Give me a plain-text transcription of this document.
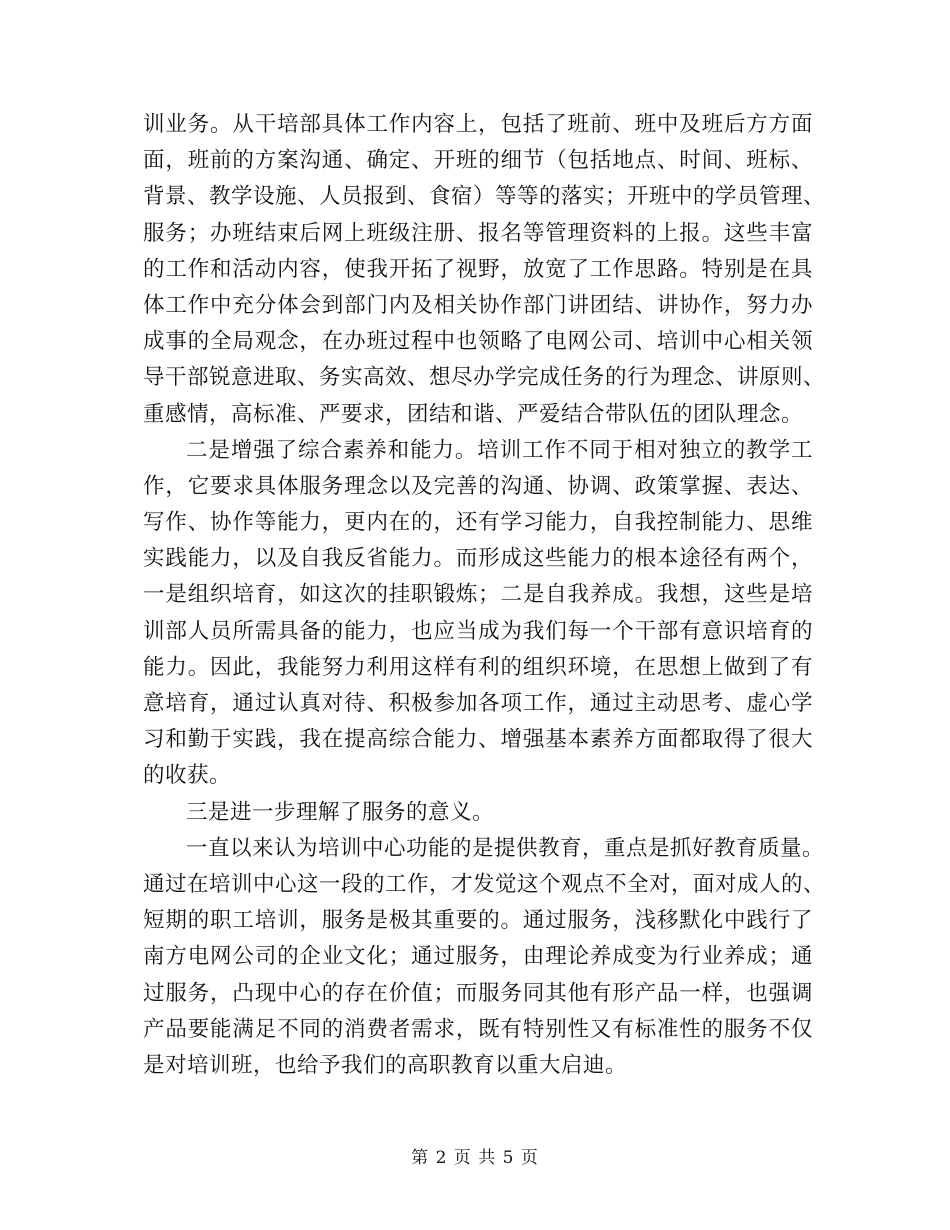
训业务。从干培部具体工作内容上，包括了班前、班中及班后方方面
面，班前的方案沟通、确定、开班的细节（包括地点、时间、班标、
背景、教学设施、人员报到、食宿）等等的落实；开班中的学员管理、
服务；办班结束后网上班级注册、报名等管理资料的上报。这些丰富
的工作和活动内容，使我开拓了视野，放宽了工作思路。特别是在具
体工作中充分体会到部门内及相关协作部门讲团结、讲协作，努力办
成事的全局观念，在办班过程中也领略了电网公司、培训中心相关领
导干部锐意进取、务实高效、想尽办学完成任务的行为理念、讲原则、
重感情，高标准、严要求，团结和谐、严爱结合带队伍的团队理念。
二是增强了综合素养和能力。培训工作不同于相对独立的教学工
作，它要求具体服务理念以及完善的沟通、协调、政策掌握、表达、
写作、协作等能力，更内在的，还有学习能力，自我控制能力、思维
实践能力，以及自我反省能力。而形成这些能力的根本途径有两个，
一是组织培育，如这次的挂职锻炼；二是自我养成。我想，这些是培
训部人员所需具备的能力，也应当成为我们每一个干部有意识培育的
能力。因此，我能努力利用这样有利的组织环境，在思想上做到了有
意培育，通过认真对待、积极参加各项工作，通过主动思考、虚心学
习和勤于实践，我在提高综合能力、增强基本素养方面都取得了很大
的收获。
三是进一步理解了服务的意义。
一直以来认为培训中心功能的是提供教育，重点是抓好教育质量。
通过在培训中心这一段的工作，才发觉这个观点不全对，面对成人的、
短期的职工培训，服务是极其重要的。通过服务，浅移默化中践行了
南方电网公司的企业文化；通过服务，由理论养成变为行业养成；通
过服务，凸现中心的存在价值；而服务同其他有形产品一样，也强调
产品要能满足不同的消费者需求，既有特别性又有标准性的服务不仅
是对培训班，也给予我们的高职教育以重大启迪。
第 2 页 共 5 页
